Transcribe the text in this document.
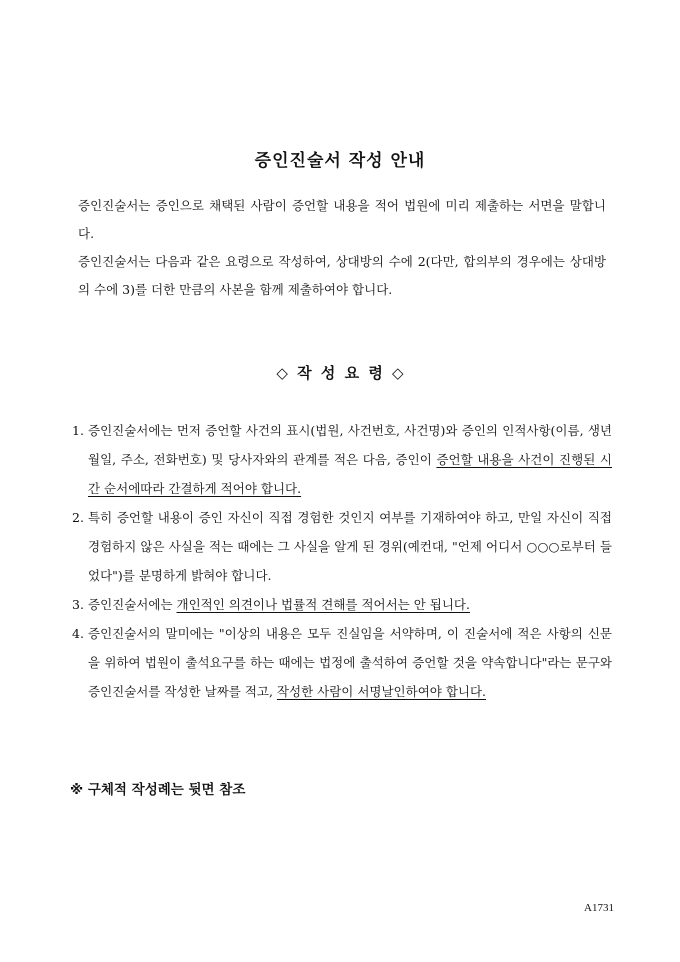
증인진술서 작성 안내

증인진술서는 증인으로 채택된 사람이 증언할 내용을 적어 법원에 미리 제출하는 서면을 말합니다.

증인진술서는 다음과 같은 요령으로 작성하여, 상대방의 수에 2(다만, 합의부의 경우에는 상대방의 수에 3)를 더한 만큼의 사본을 함께 제출하여야 합니다.

◇ 작 성 요 령 ◇
1. 증인진술서에는 먼저 증언할 사건의 표시(법원, 사건번호, 사건명)와 증인의 인적사항(이름, 생년월일, 주소, 전화번호) 및 당사자와의 관계를 적은 다음, 증인이 증언할 내용을 사건이 진행된 시간 순서에따라 간결하게 적어야 합니다.
2. 특히 증언할 내용이 증인 자신이 직접 경험한 것인지 여부를 기재하여야 하고, 만일 자신이 직접 경험하지 않은 사실을 적는 때에는 그 사실을 알게 된 경위(예컨대, "언제 어디서 ○○○로부터 들었다")를 분명하게 밝혀야 합니다.
3. 증인진술서에는 개인적인 의견이나 법률적 견해를 적어서는 안 됩니다.
4. 증인진술서의 말미에는 "이상의 내용은 모두 진실임을 서약하며, 이 진술서에 적은 사항의 신문을 위하여 법원이 출석요구를 하는 때에는 법정에 출석하여 증언할 것을 약속합니다"라는 문구와 증인진술서를 작성한 날짜를 적고, 작성한 사람이 서명날인하여야 합니다.
※ 구체적 작성례는 뒷면 참조
A1731
